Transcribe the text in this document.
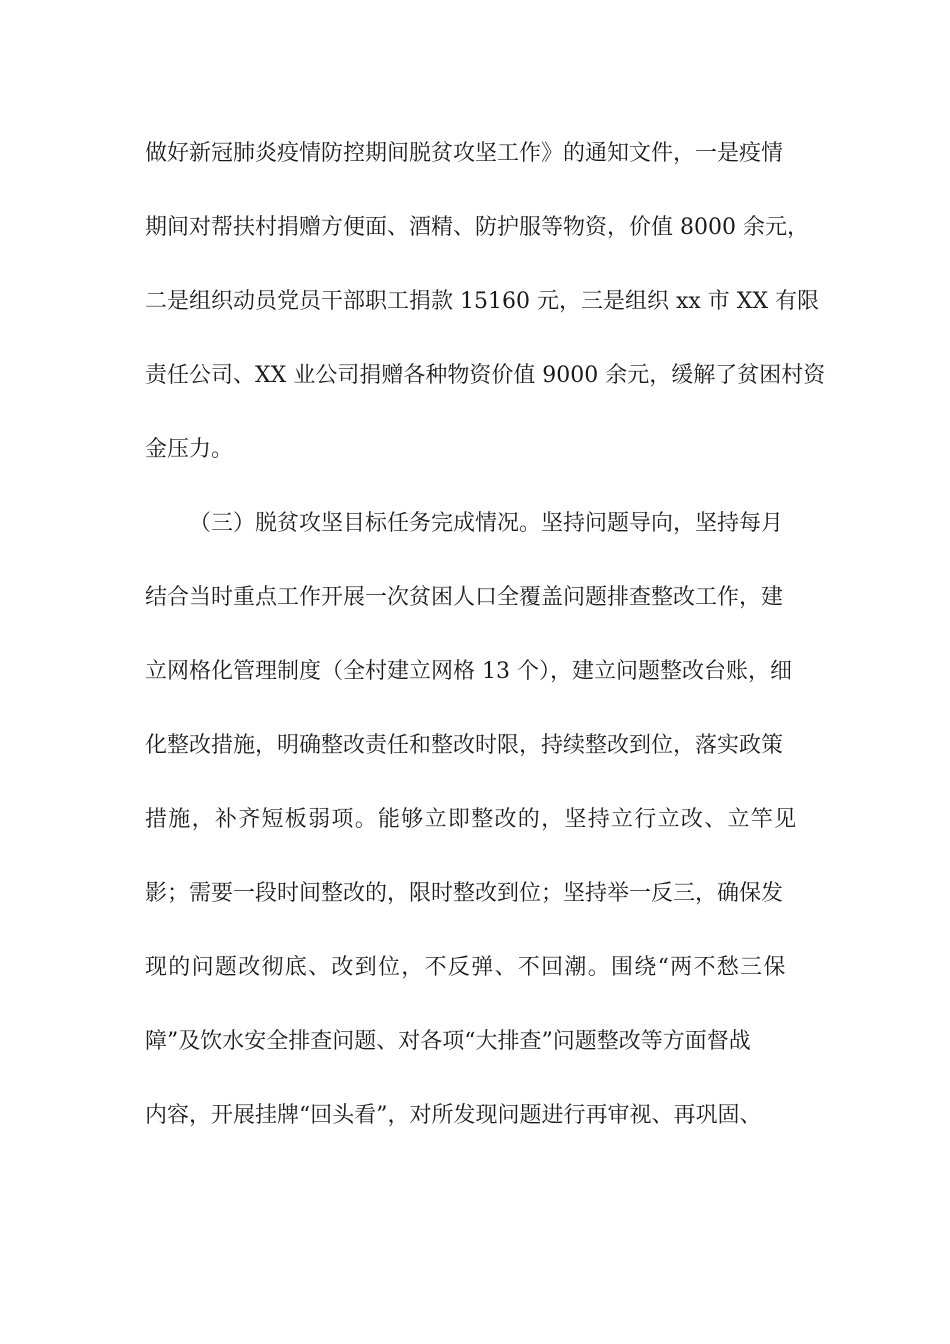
做好新冠肺炎疫情防控期间脱贫攻坚工作》的通知文件，一是疫情
期间对帮扶村捐赠方便面、酒精、防护服等物资，价值 8000 余元，
二是组织动员党员干部职工捐款 15160 元，三是组织 xx 市 XX 有限
责任公司、XX 业公司捐赠各种物资价值 9000 余元，缓解了贫困村资
金压力。
（三）脱贫攻坚目标任务完成情况。坚持问题导向，坚持每月
结合当时重点工作开展一次贫困人口全覆盖问题排查整改工作，建
立网格化管理制度（全村建立网格 13 个），建立问题整改台账，细
化整改措施，明确整改责任和整改时限，持续整改到位，落实政策
措施，补齐短板弱项。能够立即整改的，坚持立行立改、立竿见
影；需要一段时间整改的，限时整改到位；坚持举一反三，确保发
现的问题改彻底、改到位，不反弹、不回潮。围绕“两不愁三保
障”及饮水安全排查问题、对各项“大排查”问题整改等方面督战
内容，开展挂牌“回头看”，对所发现问题进行再审视、再巩固、
